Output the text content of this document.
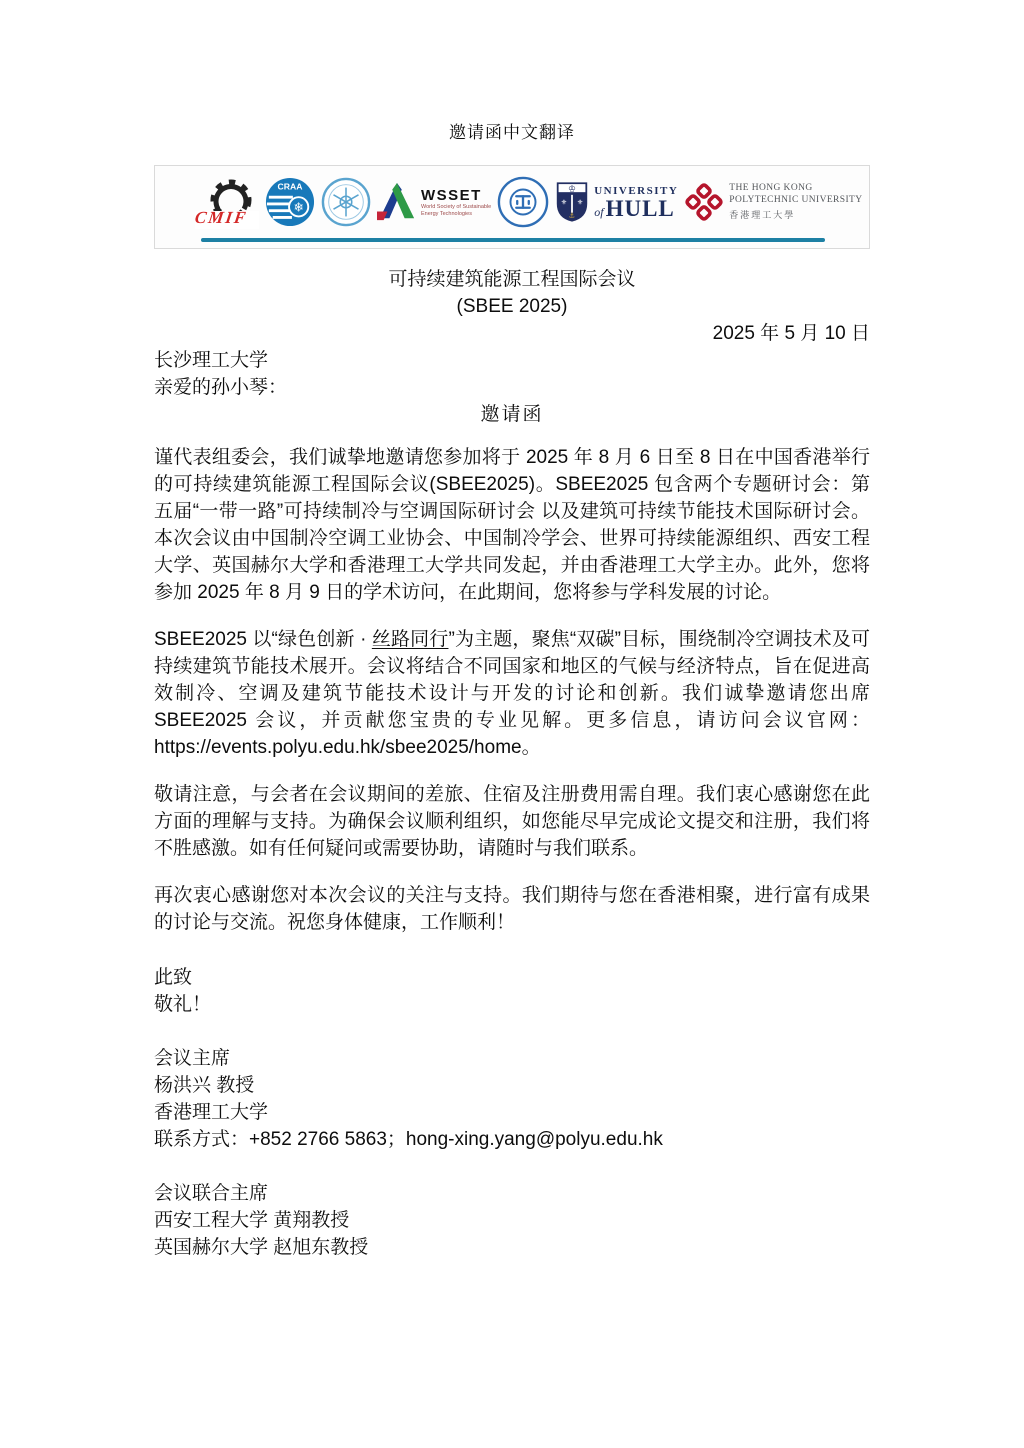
邀请函中文翻译
CMIF
❄
CRAA
WSSET
World Society of Sustainable
Energy Technologies
♔
⚜ ⚜
⚓
UNIVERSITY
of HULL
THE HONG KONG
POLYTECHNIC UNIVERSITY
香港理工大學
可持续建筑能源工程国际会议
(SBEE 2025)
2025 年 5 月 10 日
长沙理工大学
亲爱的孙小琴：
邀请函

谨代表组委会，我们诚挚地邀请您参加将于 2025 年 8 月 6 日至 8 日在中国香港举行的可持续建筑能源工程国际会议(SBEE2025)。SBEE2025 包含两个专题研讨会：第五届“一带一路”可持续制冷与空调国际研讨会 以及建筑可持续节能技术国际研讨会。本次会议由中国制冷空调工业协会、中国制冷学会、世界可持续能源组织、西安工程大学、英国赫尔大学和香港理工大学共同发起，并由香港理工大学主办。此外，您将参加 2025 年 8 月 9 日的学术访问，在此期间，您将参与学科发展的讨论。

SBEE2025 以“绿色创新 · 丝路同行”为主题，聚焦“双碳”目标，围绕制冷空调技术及可持续建筑节能技术展开。会议将结合不同国家和地区的气候与经济特点，旨在促进高效制冷、空调及建筑节能技术设计与开发的讨论和创新。我们诚挚邀请您出席 SBEE2025 会议，并贡献您宝贵的专业见解。更多信息，请访问会议官网：https://events.polyu.edu.hk/sbee2025/home。

敬请注意，与会者在会议期间的差旅、住宿及注册费用需自理。我们衷心感谢您在此方面的理解与支持。为确保会议顺利组织，如您能尽早完成论文提交和注册，我们将不胜感激。如有任何疑问或需要协助，请随时与我们联系。

再次衷心感谢您对本次会议的关注与支持。我们期待与您在香港相聚，进行富有成果的讨论与交流。祝您身体健康，工作顺利！

此致
敬礼！
会议主席
杨洪兴 教授
香港理工大学
联系方式：+852 2766 5863；hong-xing.yang@polyu.edu.hk
会议联合主席
西安工程大学 黄翔教授
英国赫尔大学 赵旭东教授
